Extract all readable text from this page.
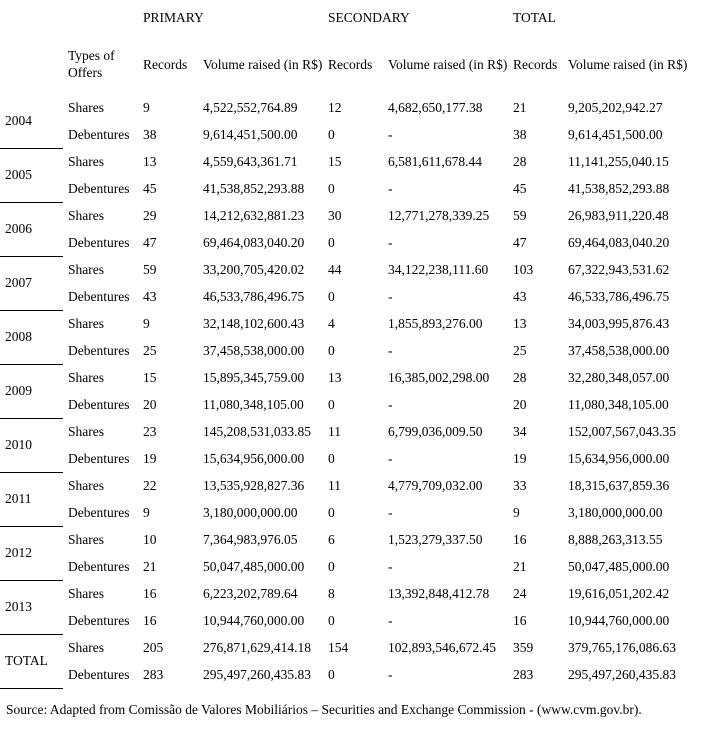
		PRIMARY		SECONDARY		TOTAL	
	Types of Offers	Records	Volume raised (in R$)	Records	Volume raised (in R$)	Records	Volume raised (in R$)
2004	Shares	9	4,522,552,764.89	12	4,682,650,177.38	21	9,205,202,942.27
	Debentures	38	9,614,451,500.00	0	-	38	9,614,451,500.00
2005	Shares	13	4,559,643,361.71	15	6,581,611,678.44	28	11,141,255,040.15
	Debentures	45	41,538,852,293.88	0	-	45	41,538,852,293.88
2006	Shares	29	14,212,632,881.23	30	12,771,278,339.25	59	26,983,911,220.48
	Debentures	47	69,464,083,040.20	0	-	47	69,464,083,040.20
2007	Shares	59	33,200,705,420.02	44	34,122,238,111.60	103	67,322,943,531.62
	Debentures	43	46,533,786,496.75	0	-	43	46,533,786,496.75
2008	Shares	9	32,148,102,600.43	4	1,855,893,276.00	13	34,003,995,876.43
	Debentures	25	37,458,538,000.00	0	-	25	37,458,538,000.00
2009	Shares	15	15,895,345,759.00	13	16,385,002,298.00	28	32,280,348,057.00
	Debentures	20	11,080,348,105.00	0	-	20	11,080,348,105.00
2010	Shares	23	145,208,531,033.85	11	6,799,036,009.50	34	152,007,567,043.35
	Debentures	19	15,634,956,000.00	0	-	19	15,634,956,000.00
2011	Shares	22	13,535,928,827.36	11	4,779,709,032.00	33	18,315,637,859.36
	Debentures	9	3,180,000,000.00	0	-	9	3,180,000,000.00
2012	Shares	10	7,364,983,976.05	6	1,523,279,337.50	16	8,888,263,313.55
	Debentures	21	50,047,485,000.00	0	-	21	50,047,485,000.00
2013	Shares	16	6,223,202,789.64	8	13,392,848,412.78	24	19,616,051,202.42
	Debentures	16	10,944,760,000.00	0	-	16	10,944,760,000.00
TOTAL	Shares	205	276,871,629,414.18	154	102,893,546,672.45	359	379,765,176,086.63
	Debentures	283	295,497,260,435.83	0	-	283	295,497,260,435.83

Source: Adapted from Comissão de Valores Mobiliários – Securities and Exchange Commission - (www.cvm.gov.br).
